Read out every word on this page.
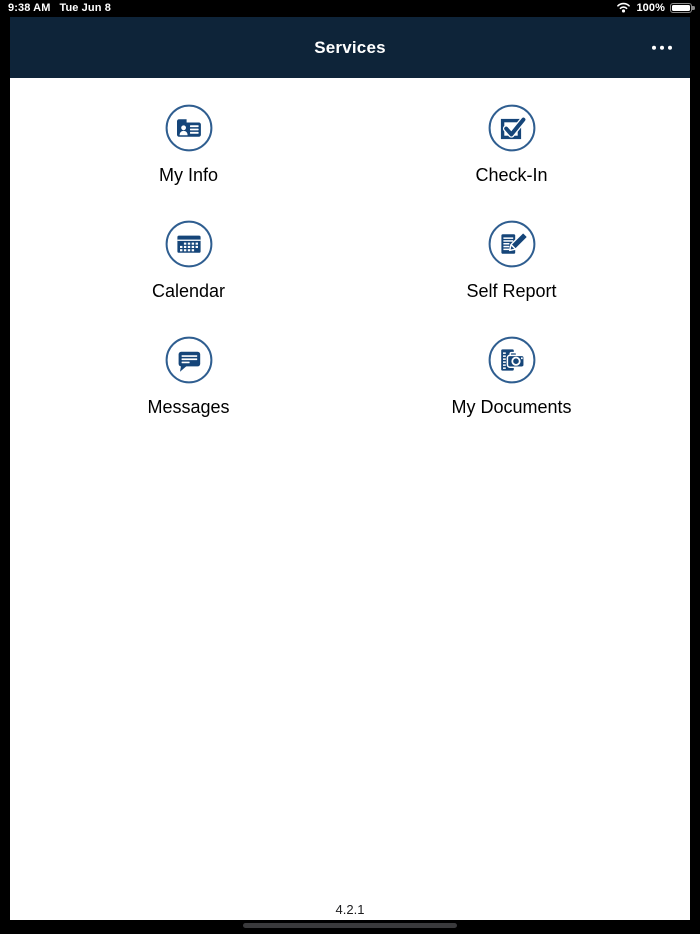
9:38 AM Tue Jun 8	100%
Services
My Info	Check-In
Calendar	Self Report
Messages	My Documents
4.2.1
